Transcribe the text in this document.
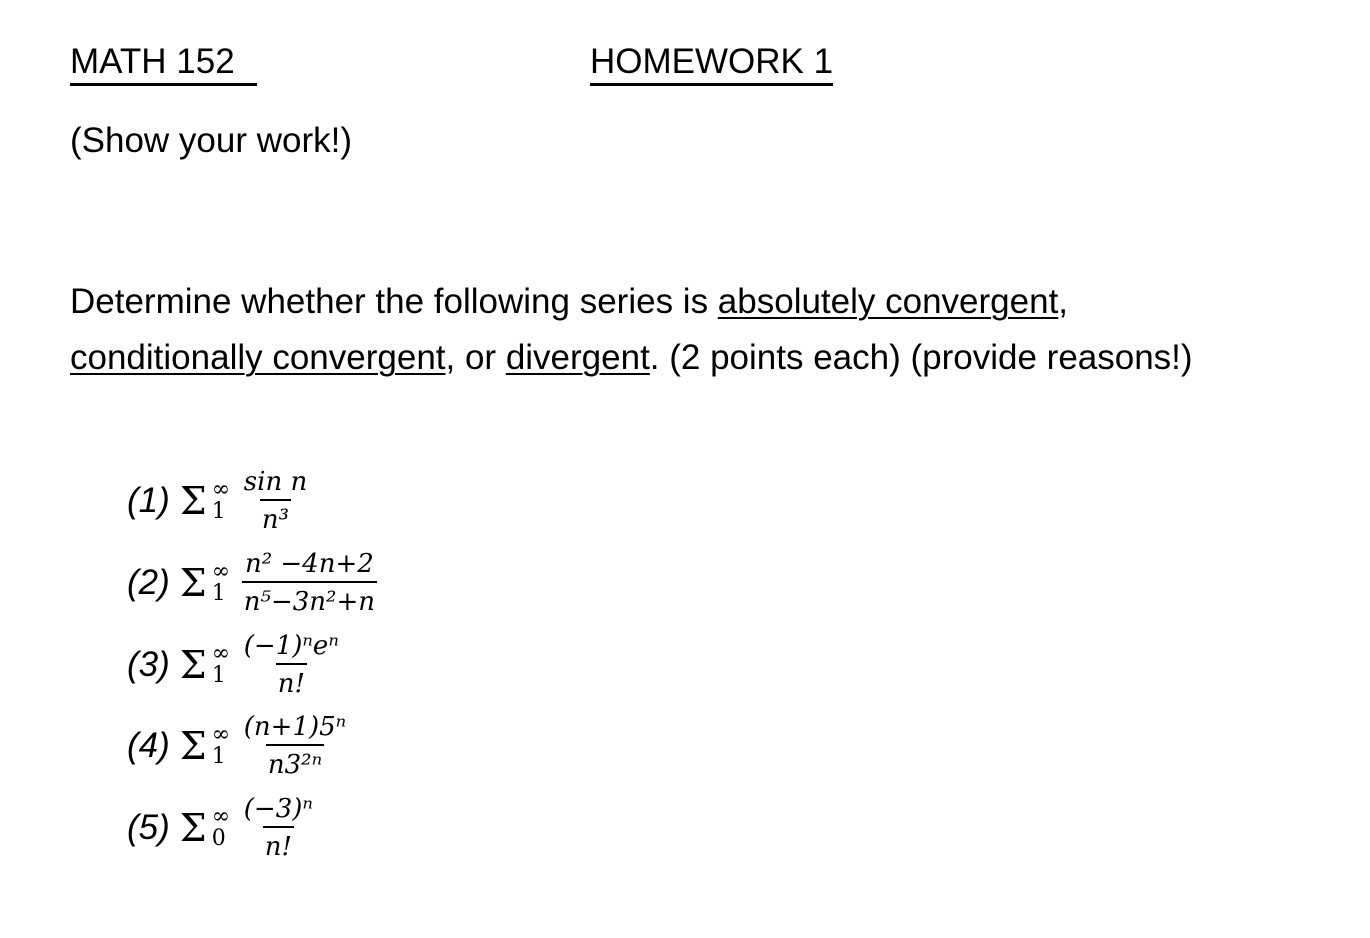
MATH 152	HOMEWORK 1
(Show your work!)
Determine whether the following series is absolutely convergent, conditionally convergent, or divergent. (2 points each) (provide reasons!)
(1) Σ ∞
$1 \frac{\text{sin n}}{\text{n³}}$
(2) Σ ∞
$1 \frac{\text{n² −4n+2}}{\text{n⁵−3n²+n}}$
(3) Σ ∞
$1 \frac{\text{(−1)ⁿeⁿ}}{n!}$
(4) Σ ∞
$1 \frac{\text{(n+1)5ⁿ}}{\text{n3²ⁿ}}$
(5) Σ ∞
$0 \frac{\text{(−3)ⁿ}}{n!}$
